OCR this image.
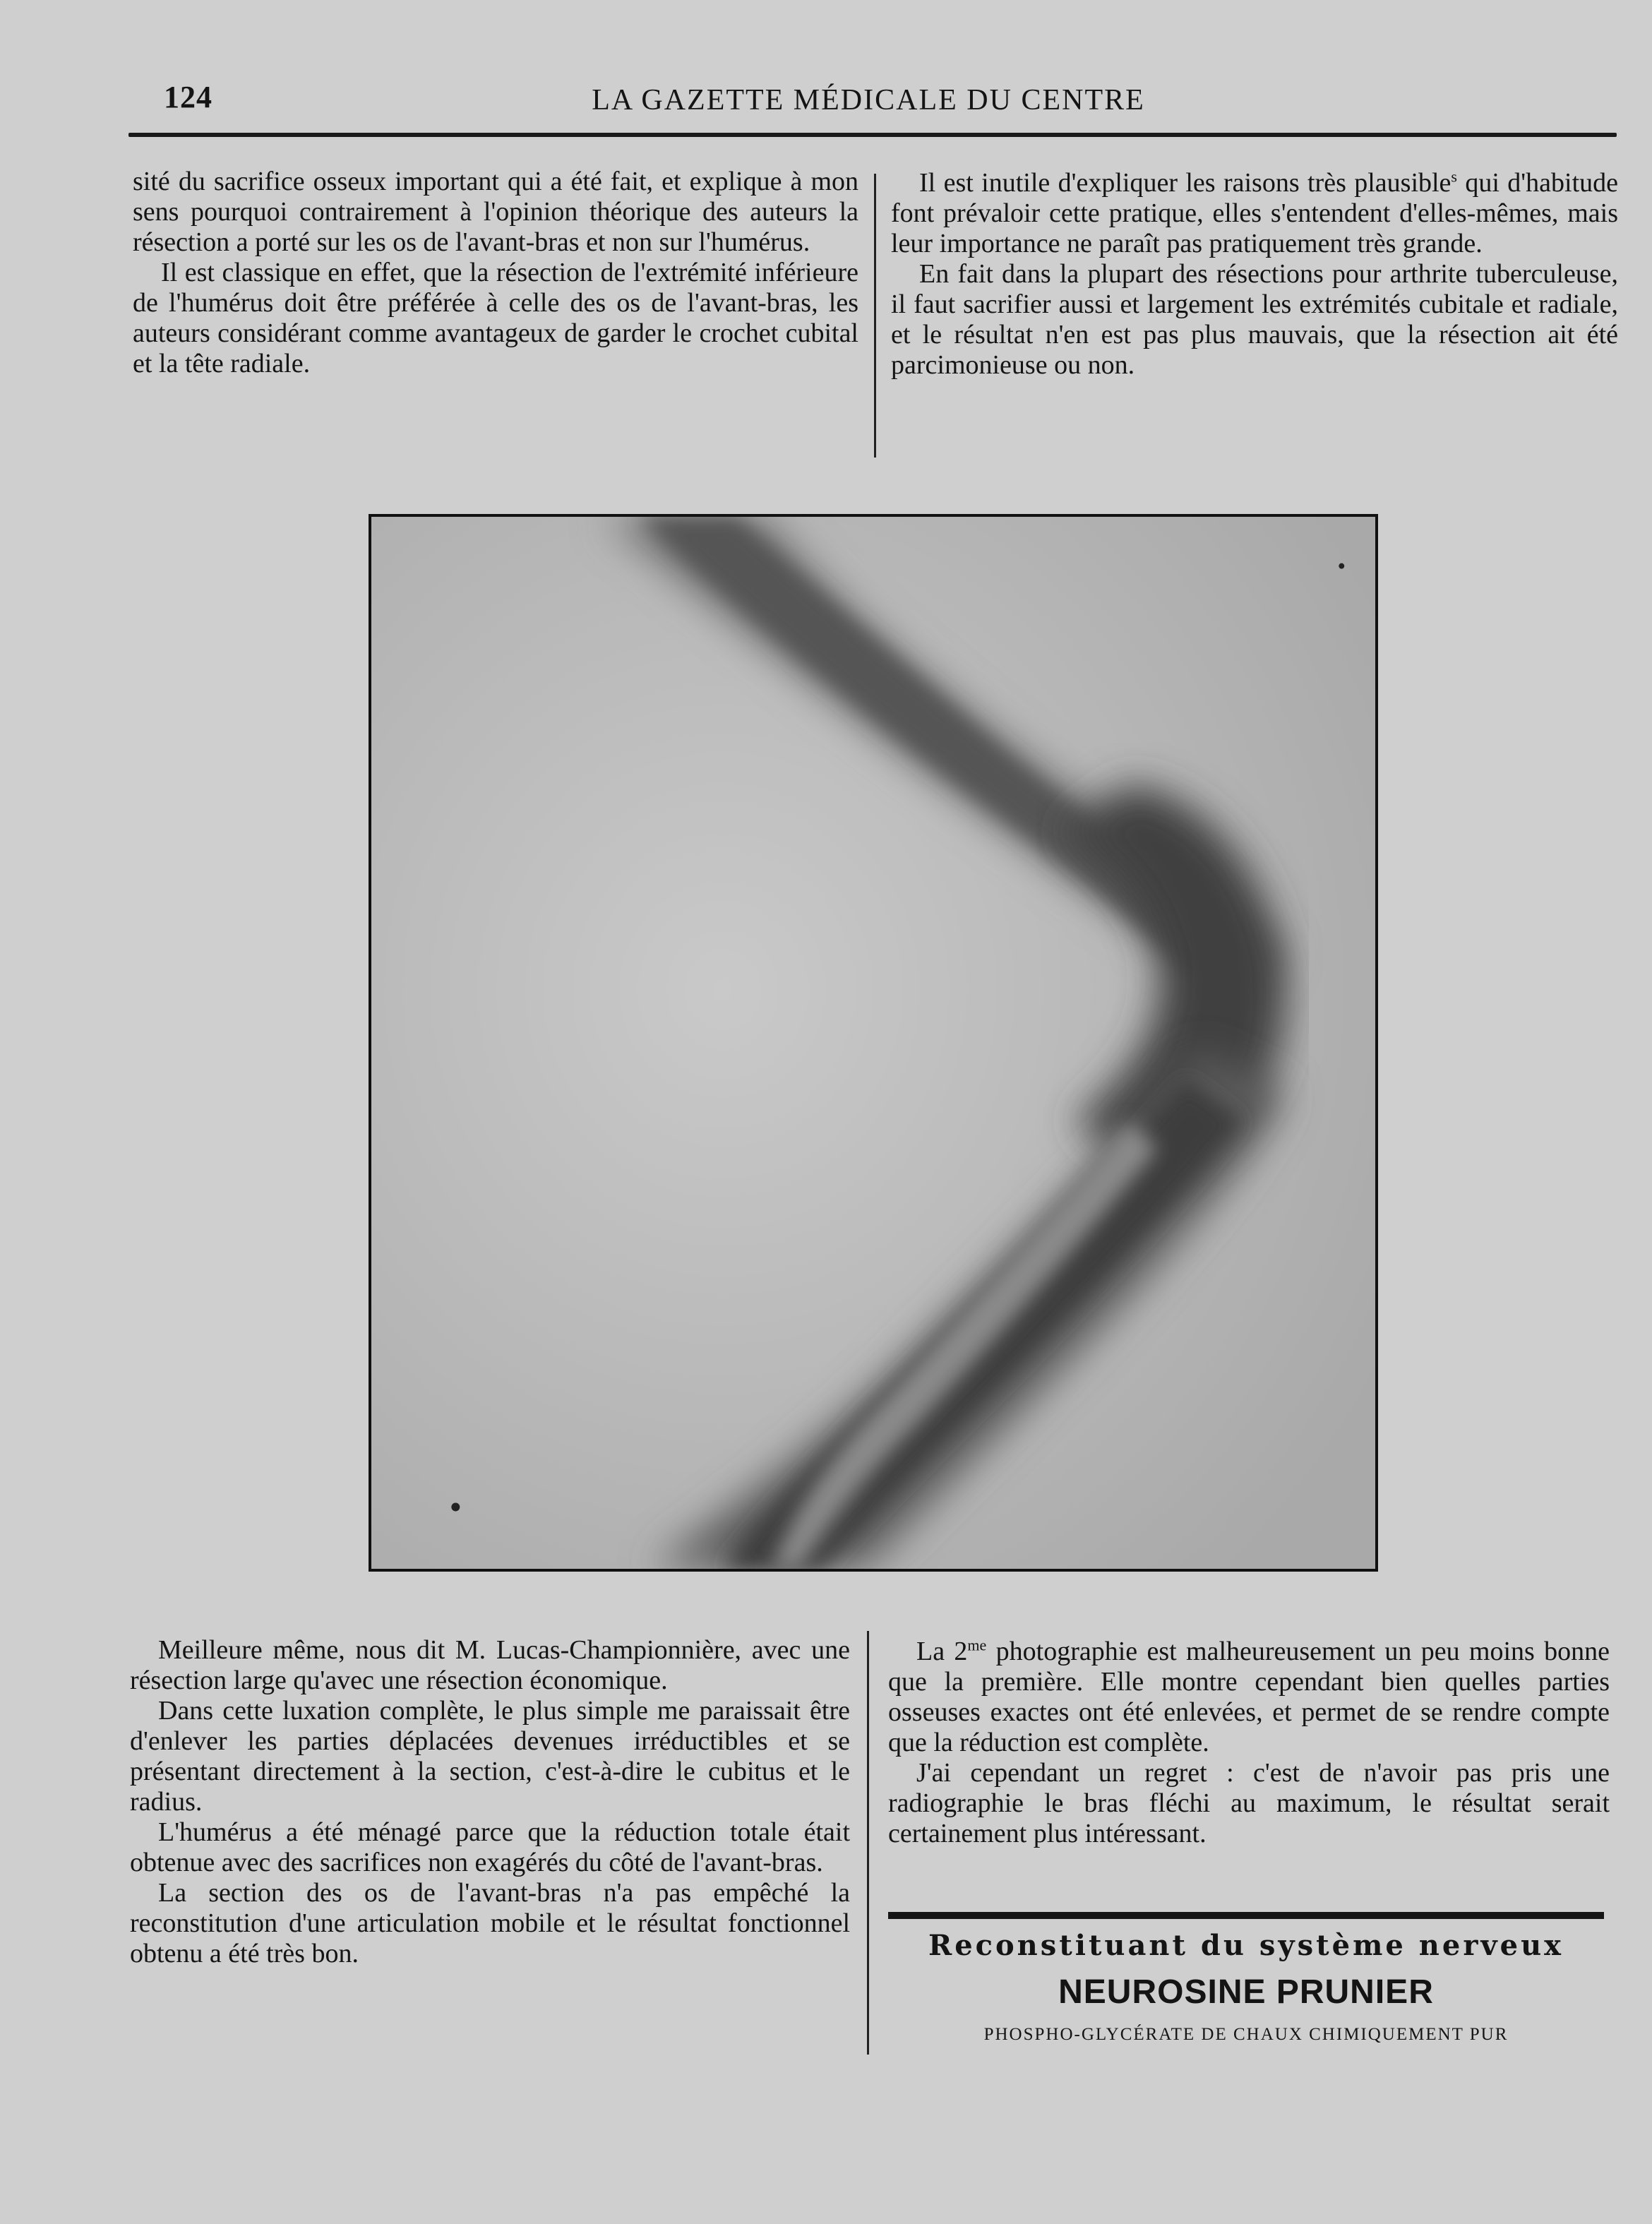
124	LA GAZETTE MÉDICALE DU CENTRE

sité du sacrifice osseux important qui a été fait, et explique à mon sens pourquoi contrairement à l'opinion théorique des auteurs la résection a porté sur les os de l'avant-bras et non sur l'humérus.

Il est classique en effet, que la résection de l'extrémité inférieure de l'humérus doit être préférée à celle des os de l'avant-bras, les auteurs considérant comme avantageux de garder le crochet cubital et la tête radiale.

Il est inutile d'expliquer les raisons très plausible$^s$ qui d'habitude font prévaloir cette pratique, elles s'entendent d'elles-mêmes, mais leur importance ne paraît pas pratiquement très grande.

En fait dans la plupart des résections pour arthrite tuberculeuse, il faut sacrifier aussi et largement les extrémités cubitale et radiale, et le résultat n'en est pas plus mauvais, que la résection ait été parcimonieuse ou non.

Meilleure même, nous dit M. Lucas-Championnière, avec une résection large qu'avec une résection économique.

Dans cette luxation complète, le plus simple me paraissait être d'enlever les parties déplacées devenues irréductibles et se présentant directement à la section, c'est-à-dire le cubitus et le radius.

L'humérus a été ménagé parce que la réduction totale était obtenue avec des sacrifices non exagérés du côté de l'avant-bras.

La section des os de l'avant-bras n'a pas empêché la reconstitution d'une articulation mobile et le résultat fonctionnel obtenu a été très bon.

La $2^{me}$ photographie est malheureusement un peu moins bonne que la première. Elle montre cependant bien quelles parties osseuses exactes ont été enlevées, et permet de se rendre compte que la réduction est complète.

J'ai cependant un regret : c'est de n'avoir pas pris une radiographie le bras fléchi au maximum, le résultat serait certainement plus intéressant.

Reconstituant du système nerveux
NEUROSINE PRUNIER
PHOSPHO-GLYCÉRATE DE CHAUX CHIMIQUEMENT PUR
